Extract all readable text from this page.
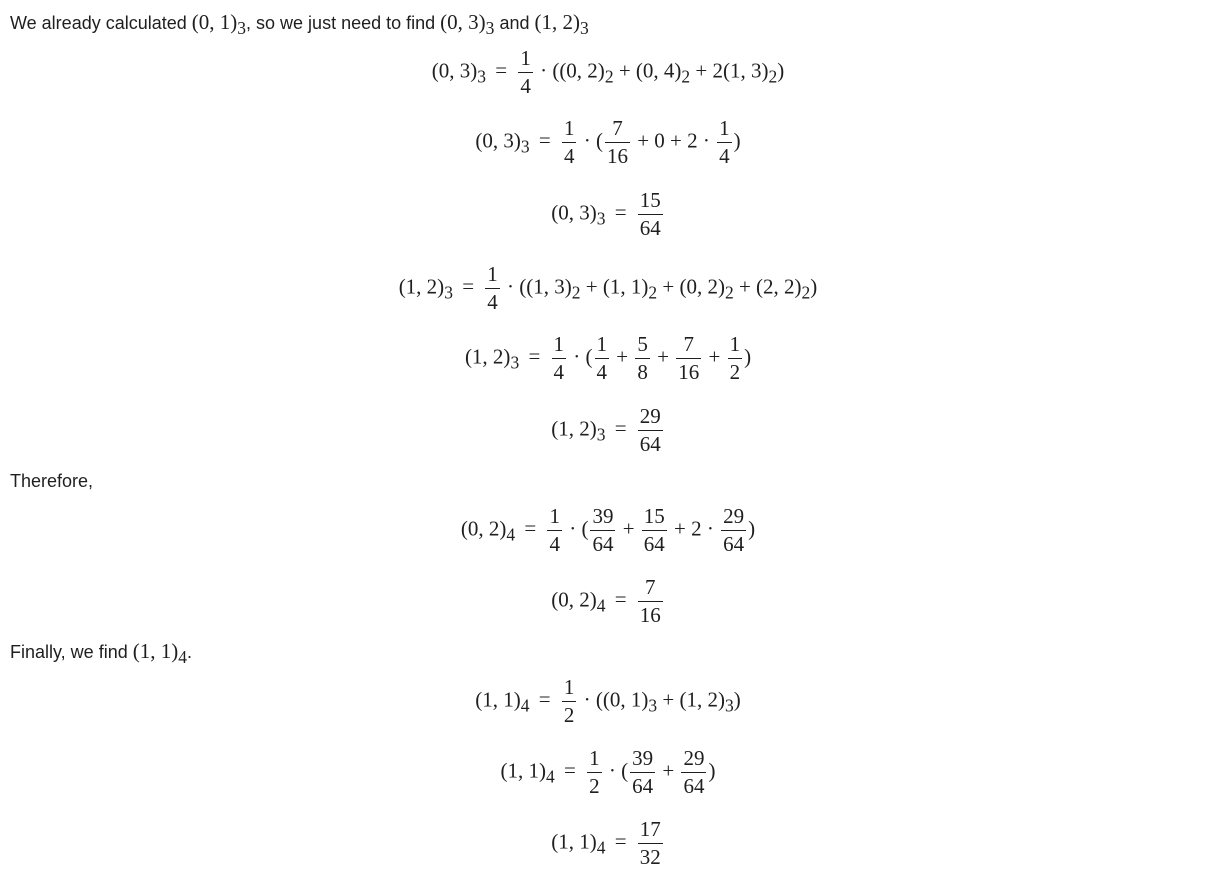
We already calculated (0, $1)_3$, so we just need to find (0, $3)_3$ and (1, $2)_3$
(0, $3)_3 = \frac{1}{4} \cdot ((0$, $2)_2 + (0$, $4)_2 + 2(1$, $3)_2$)
(0, $3)_3 = \frac{1}{4}$ · ( $\frac{7}{16} + 0 + 2 \cdot \frac{1}{4}$ )
(0, $3)_3 = \frac{15}{64}$
(1, $2)_3 = \frac{1}{4} \cdot ((1$, $3)_2 + (1$, $1)_2 + (0$, $2)_2 + (2$, $2)_2$)
(1, $2)_3 = \frac{1}{4}$ · ( $\frac{1}{4} + \frac{5}{8} + \frac{7}{16} + \frac{1}{2}$ )
(1, $2)_3 = \frac{29}{64}$
Therefore,
(0, $2)_4 = \frac{1}{4}$ · ( $\frac{39}{64} + \frac{15}{64} + 2 \cdot \frac{29}{64}$ )
(0, $2)_4 = \frac{7}{16}$
Finally, we find (1, $1)_4$.
(1, $1)_4 = \frac{1}{2} \cdot ((0$, $1)_3 + (1$, $2)_3$)
(1, $1)_4 = \frac{1}{2}$ · ( $\frac{39}{64} + \frac{29}{64}$ )
(1, $1)_4 = \frac{17}{32}$
